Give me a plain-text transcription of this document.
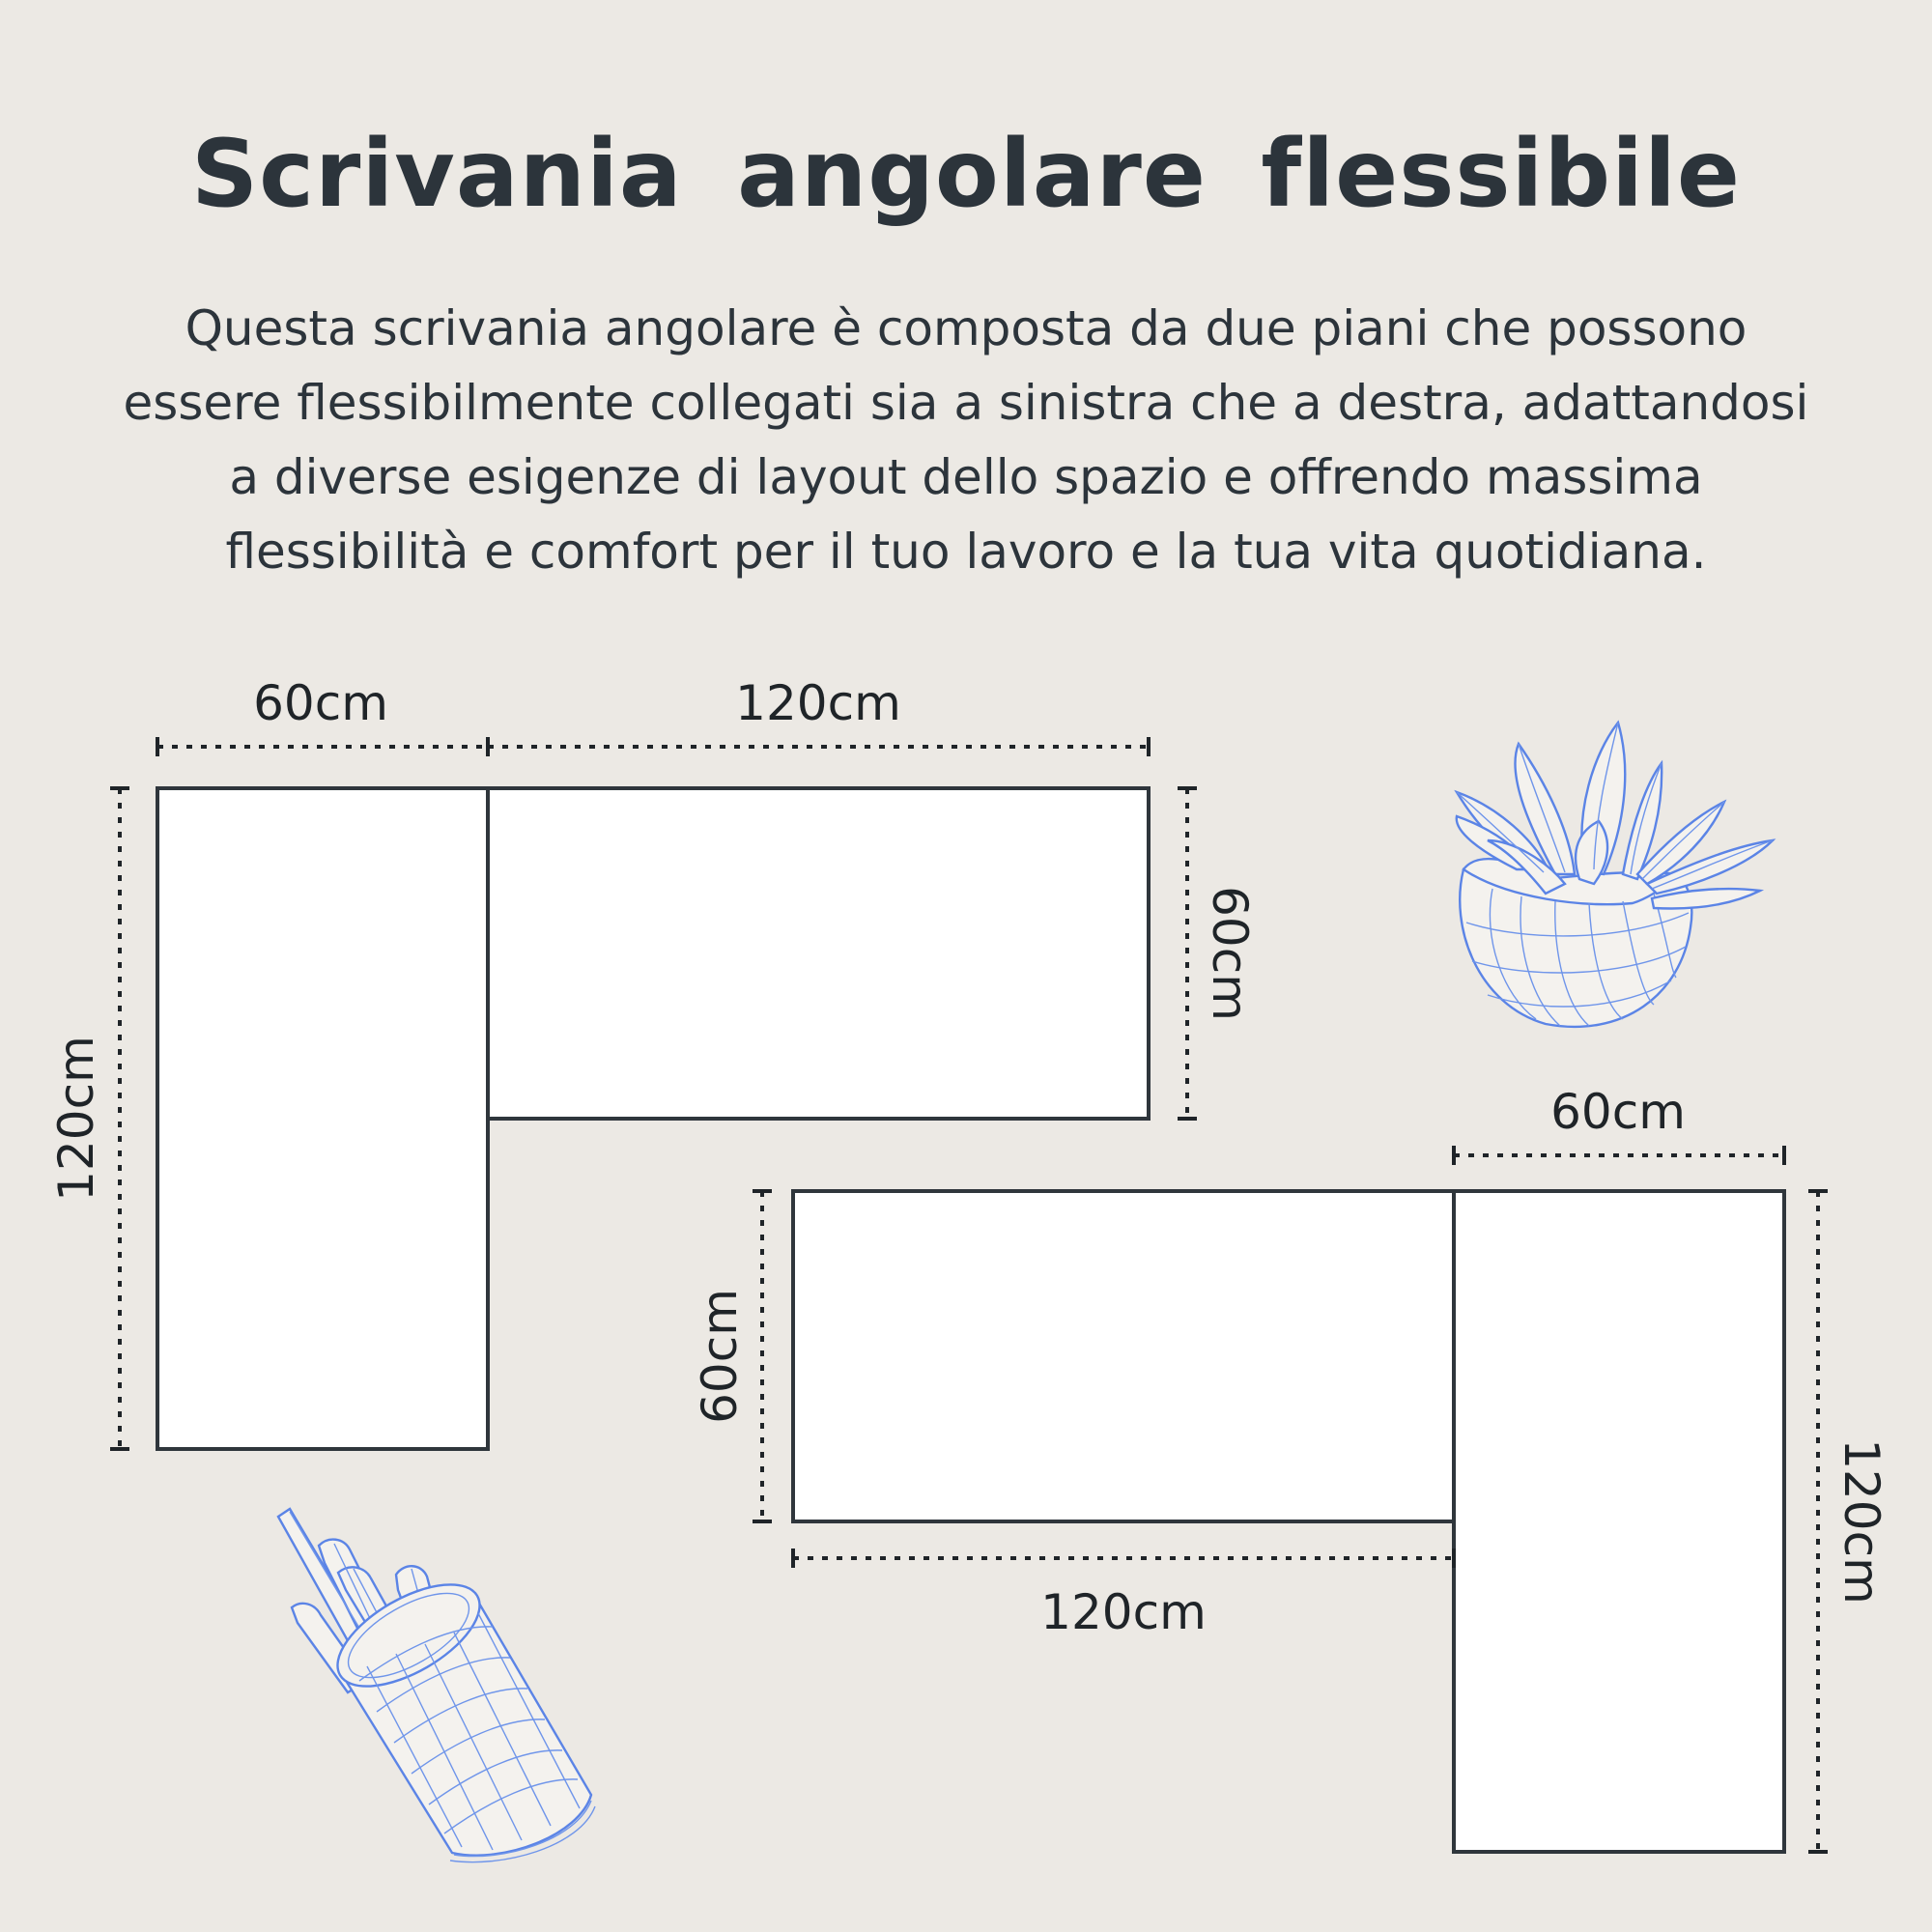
Scrivania angolare flessibile

Questa scrivania angolare è composta da due piani che possono
essere flessibilmente collegati sia a sinistra che a destra, adattandosi
a diverse esigenze di layout dello spazio e offrendo massima
flessibilità e comfort per il tuo lavoro e la tua vita quotidiana.

60cm	120cm
60cm
120cm	60cm
60cm
120cm
120cm
